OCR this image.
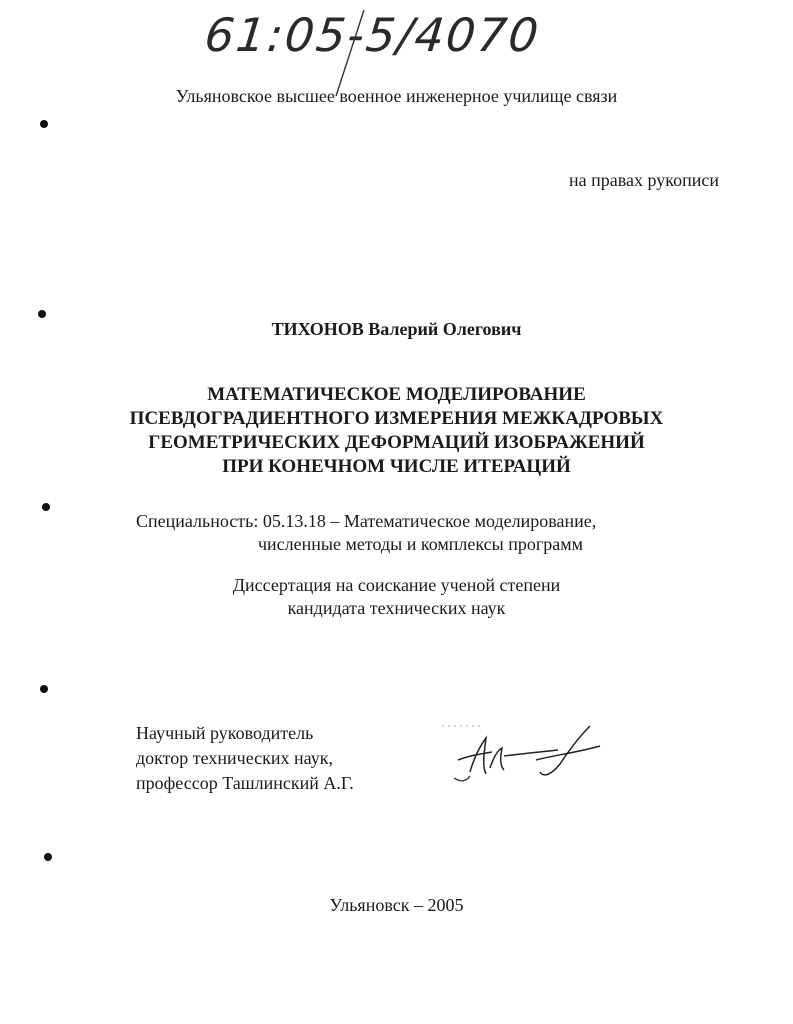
61:05-5/4070
Ульяновское высшее военное инженерное училище связи
на правах рукописи
ТИХОНОВ Валерий Олегович
МАТЕМАТИЧЕСКОЕ МОДЕЛИРОВАНИЕ
ПСЕВДОГРАДИЕНТНОГО ИЗМЕРЕНИЯ МЕЖКАДРОВЫХ
ГЕОМЕТРИЧЕСКИХ ДЕФОРМАЦИЙ ИЗОБРАЖЕНИЙ
ПРИ КОНЕЧНОМ ЧИСЛЕ ИТЕРАЦИЙ
Специальность: 05.13.18 – Математическое моделирование,
численные методы и комплексы программ
Диссертация на соискание ученой степени
кандидата технических наук
Научный руководитель
доктор технических наук,
профессор Ташлинский А.Г.
Ульяновск – 2005
